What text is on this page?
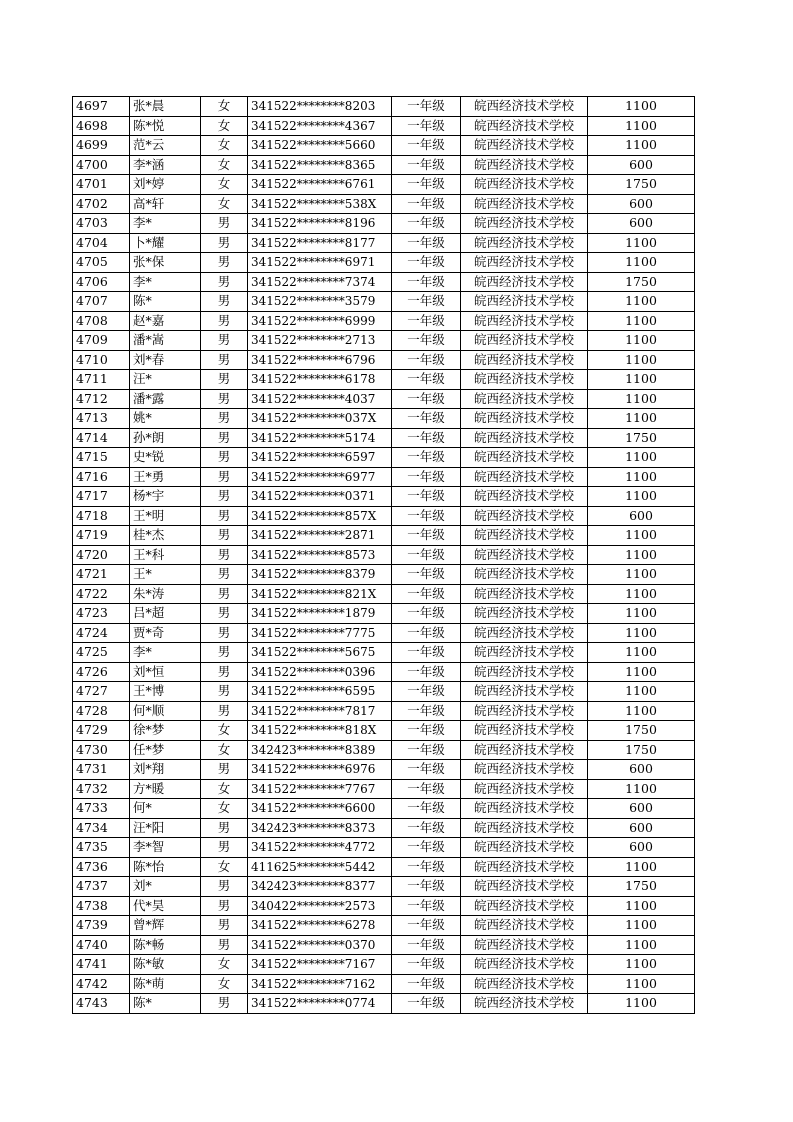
4697	张*晨	女	341522********8203	一年级	皖西经济技术学校	1100
4698	陈*悦	女	341522********4367	一年级	皖西经济技术学校	1100
4699	范*云	女	341522********5660	一年级	皖西经济技术学校	1100
4700	李*涵	女	341522********8365	一年级	皖西经济技术学校	600
4701	刘*婷	女	341522********6761	一年级	皖西经济技术学校	1750
4702	高*轩	女	341522********538X	一年级	皖西经济技术学校	600
4703	李*	男	341522********8196	一年级	皖西经济技术学校	600
4704	卜*耀	男	341522********8177	一年级	皖西经济技术学校	1100
4705	张*保	男	341522********6971	一年级	皖西经济技术学校	1100
4706	李*	男	341522********7374	一年级	皖西经济技术学校	1750
4707	陈*	男	341522********3579	一年级	皖西经济技术学校	1100
4708	赵*嘉	男	341522********6999	一年级	皖西经济技术学校	1100
4709	潘*嵩	男	341522********2713	一年级	皖西经济技术学校	1100
4710	刘*春	男	341522********6796	一年级	皖西经济技术学校	1100
4711	汪*	男	341522********6178	一年级	皖西经济技术学校	1100
4712	潘*露	男	341522********4037	一年级	皖西经济技术学校	1100
4713	姚*	男	341522********037X	一年级	皖西经济技术学校	1100
4714	孙*朗	男	341522********5174	一年级	皖西经济技术学校	1750
4715	史*锐	男	341522********6597	一年级	皖西经济技术学校	1100
4716	王*勇	男	341522********6977	一年级	皖西经济技术学校	1100
4717	杨*宇	男	341522********0371	一年级	皖西经济技术学校	1100
4718	王*明	男	341522********857X	一年级	皖西经济技术学校	600
4719	桂*杰	男	341522********2871	一年级	皖西经济技术学校	1100
4720	王*科	男	341522********8573	一年级	皖西经济技术学校	1100
4721	王*	男	341522********8379	一年级	皖西经济技术学校	1100
4722	朱*涛	男	341522********821X	一年级	皖西经济技术学校	1100
4723	吕*超	男	341522********1879	一年级	皖西经济技术学校	1100
4724	贾*奇	男	341522********7775	一年级	皖西经济技术学校	1100
4725	李*	男	341522********5675	一年级	皖西经济技术学校	1100
4726	刘*恒	男	341522********0396	一年级	皖西经济技术学校	1100
4727	王*博	男	341522********6595	一年级	皖西经济技术学校	1100
4728	何*顺	男	341522********7817	一年级	皖西经济技术学校	1100
4729	徐*梦	女	341522********818X	一年级	皖西经济技术学校	1750
4730	任*梦	女	342423********8389	一年级	皖西经济技术学校	1750
4731	刘*翔	男	341522********6976	一年级	皖西经济技术学校	600
4732	方*暖	女	341522********7767	一年级	皖西经济技术学校	1100
4733	何*	女	341522********6600	一年级	皖西经济技术学校	600
4734	汪*阳	男	342423********8373	一年级	皖西经济技术学校	600
4735	李*智	男	341522********4772	一年级	皖西经济技术学校	600
4736	陈*怡	女	411625********5442	一年级	皖西经济技术学校	1100
4737	刘*	男	342423********8377	一年级	皖西经济技术学校	1750
4738	代*昊	男	340422********2573	一年级	皖西经济技术学校	1100
4739	曾*辉	男	341522********6278	一年级	皖西经济技术学校	1100
4740	陈*畅	男	341522********0370	一年级	皖西经济技术学校	1100
4741	陈*敏	女	341522********7167	一年级	皖西经济技术学校	1100
4742	陈*萌	女	341522********7162	一年级	皖西经济技术学校	1100
4743	陈*	男	341522********0774	一年级	皖西经济技术学校	1100
